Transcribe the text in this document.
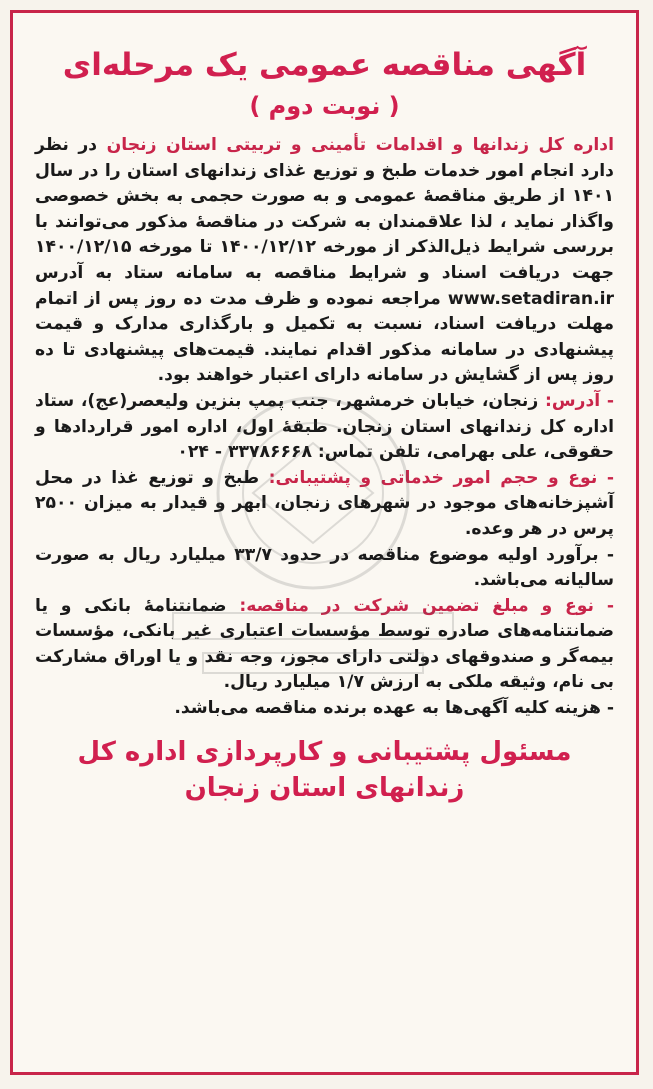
آگهی مناقصه عمومی یک مرحله‌ای
( نوبت دوم )

اداره‌ کل زندانها و اقدامات تأمینی و تربیتی استان زنجان در نظر دارد انجام امور خدمات طبخ و توزیع غذای زندانهای استان را در سال ۱۴۰۱ از طریق مناقصهٔ عمومی و به صورت حجمی به بخش خصوصی واگذار نماید ، لذا علاقمندان به شرکت در مناقصهٔ مذکور می‌توانند با بررسی شرایط ذیل‌الذکر از مورخه ۱۴۰۰/۱۲/۱۲ تا مورخه ۱۴۰۰/۱۲/۱۵ جهت دریافت اسناد و شرایط مناقصه به سامانه ستاد به آدرس www.setadiran.ir مراجعه نموده و ظرف مدت ده روز پس از اتمام مهلت دریافت اسناد، نسبت به تکمیل و بارگذاری مدارک و قیمت پیشنهادی در سامانه مذکور اقدام نمایند. قیمت‌های پیشنهادی تا ده روز پس از گشایش در سامانه دارای اعتبار خواهند بود.

- آدرس: زنجان، خیابان خرمشهر، جنب پمپ بنزین ولیعصر(عج)، ستاد اداره‌ کل زندانهای استان زنجان. طبقهٔ اول، اداره امور قراردادها و حقوقی، علی بهرامی، تلفن تماس: ۳۳۷۸۶۶۶۸ - ۰۲۴

- نوع و حجم امور خدماتی و پشتیبانی: طبخ و توزیع غذا در محل آشپزخانه‌های موجود در شهرهای زنجان، ابهر و قیدار به میزان ۲۵۰۰ پرس در هر وعده.

- برآورد اولیه موضوع مناقصه در حدود ۳۳/۷ میلیارد ریال به صورت سالیانه می‌باشد.

- نوع و مبلغ تضمین شرکت در مناقصه: ضمانتنامهٔ بانکی و یا ضمانتنامه‌های صادره توسط مؤسسات اعتباری غیر بانکی، مؤسسات بیمه‌گر و صندوقهای دولتی دارای مجوز، وجه نقد و یا اوراق مشارکت بی نام، وثیقه ملکی به ارزش ۱/۷ میلیارد ریال.

- هزینه کلیه آگهی‌ها به عهده برنده مناقصه می‌باشد.

مسئول پشتیبانی و کارپردازی اداره کل
زندانهای استان زنجان
